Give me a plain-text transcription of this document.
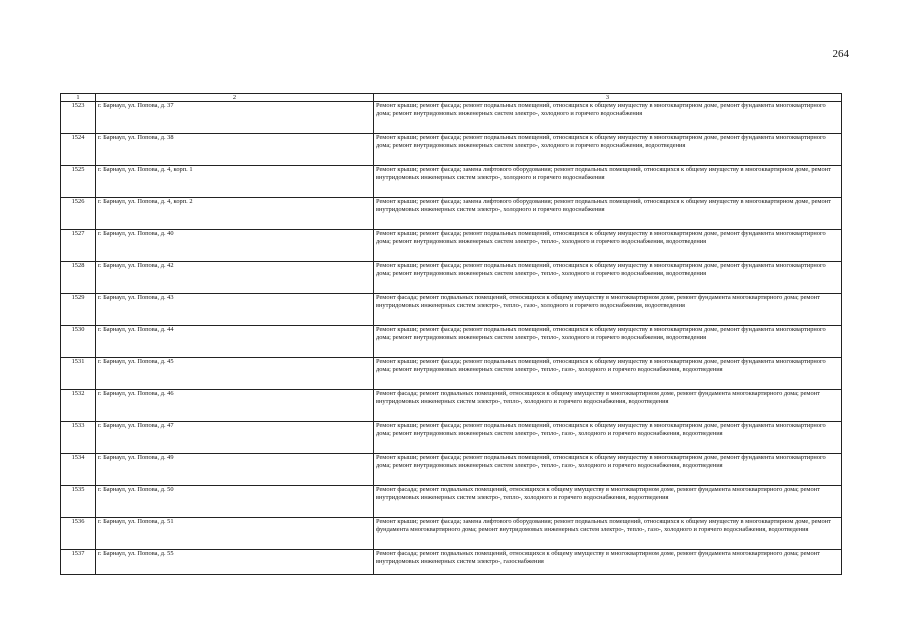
264
1	2	3
1523	г. Барнаул, ул. Попова, д. 37	Ремонт крыши; ремонт фасада; ремонт подвальных помещений, относящихся к общему имуществу в многоквартирном доме, ремонт фундамента многоквартирного дома; ремонт внутридомовых инженерных систем электро-, холодного и горячего водоснабжения
1524	г. Барнаул, ул. Попова, д. 38	Ремонт крыши; ремонт фасада; ремонт подвальных помещений, относящихся к общему имуществу в многоквартирном доме, ремонт фундамента многоквартирного дома; ремонт внутридомовых инженерных систем электро-, холодного и горячего водоснабжения, водоотведения
1525	г. Барнаул, ул. Попова, д. 4, корп. 1	Ремонт крыши; ремонт фасада; замена лифтового оборудования; ремонт подвальных помещений, относящихся к общему имуществу в многоквартирном доме, ремонт внутридомовых инженерных систем электро-, холодного и горячего водоснабжения
1526	г. Барнаул, ул. Попова, д. 4, корп. 2	Ремонт крыши; ремонт фасада; замена лифтового оборудования; ремонт подвальных помещений, относящихся к общему имуществу в многоквартирном доме, ремонт внутридомовых инженерных систем электро-, холодного и горячего водоснабжения
1527	г. Барнаул, ул. Попова, д. 40	Ремонт крыши; ремонт фасада; ремонт подвальных помещений, относящихся к общему имуществу в многоквартирном доме, ремонт фундамента многоквартирного дома; ремонт внутридомовых инженерных систем электро-, тепло-, холодного и горячего водоснабжения, водоотведения
1528	г. Барнаул, ул. Попова, д. 42	Ремонт крыши; ремонт фасада; ремонт подвальных помещений, относящихся к общему имуществу в многоквартирном доме, ремонт фундамента многоквартирного дома; ремонт внутридомовых инженерных систем электро-, тепло-, холодного и горячего водоснабжения, водоотведения
1529	г. Барнаул, ул. Попова, д. 43	Ремонт фасада; ремонт подвальных помещений, относящихся к общему имуществу в многоквартирном доме, ремонт фундамента многоквартирного дома; ремонт внутридомовых инженерных систем электро-, тепло-, газо-, холодного и горячего водоснабжения, водоотведения
1530	г. Барнаул, ул. Попова, д. 44	Ремонт крыши; ремонт фасада; ремонт подвальных помещений, относящихся к общему имуществу в многоквартирном доме, ремонт фундамента многоквартирного дома; ремонт внутридомовых инженерных систем электро-, тепло-, холодного и горячего водоснабжения, водоотведения
1531	г. Барнаул, ул. Попова, д. 45	Ремонт крыши; ремонт фасада; ремонт подвальных помещений, относящихся к общему имуществу в многоквартирном доме, ремонт фундамента многоквартирного дома; ремонт внутридомовых инженерных систем электро-, тепло-, газо-, холодного и горячего водоснабжения, водоотведения
1532	г. Барнаул, ул. Попова, д. 46	Ремонт фасада; ремонт подвальных помещений, относящихся к общему имуществу в многоквартирном доме, ремонт фундамента многоквартирного дома; ремонт внутридомовых инженерных систем электро-, тепло-, холодного и горячего водоснабжения, водоотведения
1533	г. Барнаул, ул. Попова, д. 47	Ремонт крыши; ремонт фасада; ремонт подвальных помещений, относящихся к общему имуществу в многоквартирном доме, ремонт фундамента многоквартирного дома; ремонт внутридомовых инженерных систем электро-, тепло-, газо-, холодного и горячего водоснабжения, водоотведения
1534	г. Барнаул, ул. Попова, д. 49	Ремонт крыши; ремонт фасада; ремонт подвальных помещений, относящихся к общему имуществу в многоквартирном доме, ремонт фундамента многоквартирного дома; ремонт внутридомовых инженерных систем электро-, тепло-, газо-, холодного и горячего водоснабжения, водоотведения
1535	г. Барнаул, ул. Попова, д. 50	Ремонт фасада; ремонт подвальных помещений, относящихся к общему имуществу в многоквартирном доме, ремонт фундамента многоквартирного дома; ремонт внутридомовых инженерных систем электро-, тепло-, холодного и горячего водоснабжения, водоотведения
1536	г. Барнаул, ул. Попова, д. 51	Ремонт крыши; ремонт фасада; замена лифтового оборудования; ремонт подвальных помещений, относящихся к общему имуществу в многоквартирном доме, ремонт фундамента многоквартирного дома; ремонт внутридомовых инженерных систем электро-, тепло-, газо-, холодного и горячего водоснабжения, водоотведения
1537	г. Барнаул, ул. Попова, д. 55	Ремонт фасада; ремонт подвальных помещений, относящихся к общему имуществу в многоквартирном доме, ремонт фундамента многоквартирного дома; ремонт внутридомовых инженерных систем электро-, газоснабжения
